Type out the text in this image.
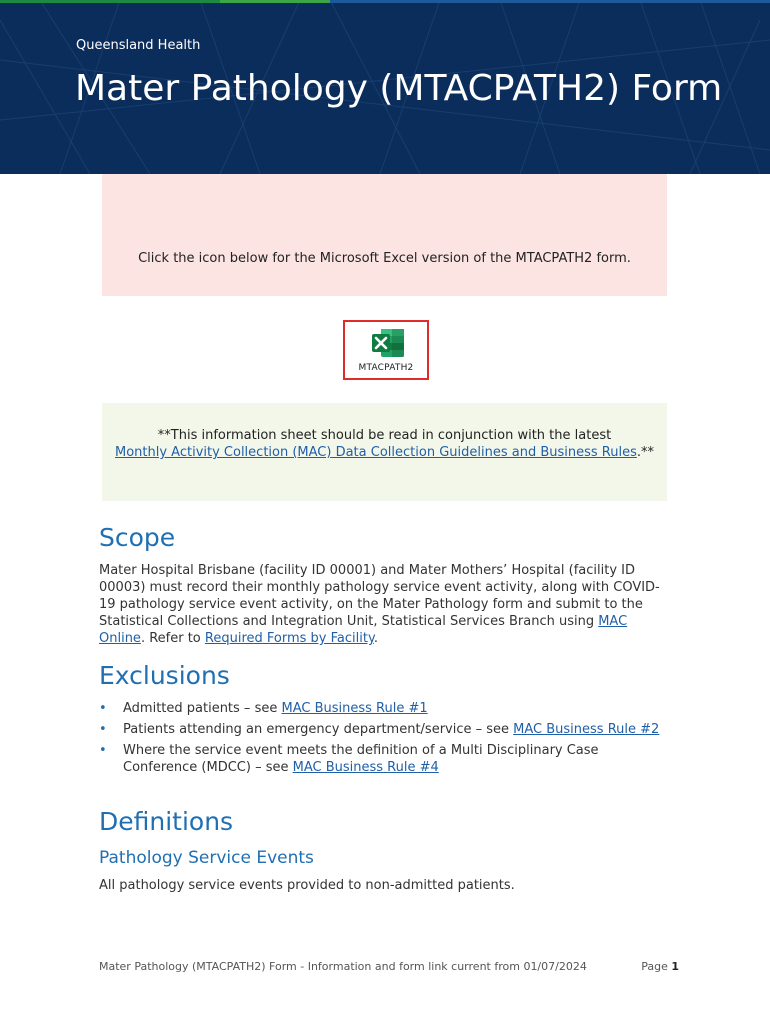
Queensland Health
Mater Pathology (MTACPATH2) Form
Click the icon below for the Microsoft Excel version of the MTACPATH2 form.
MTACPATH2
**This information sheet should be read in conjunction with the latest
Monthly Activity Collection (MAC) Data Collection Guidelines and Business Rules.**
Scope

Mater Hospital Brisbane (facility ID 00001) and Mater Mothers’ Hospital (facility ID 00003) must record their monthly pathology service event activity, along with COVID-19 pathology service event activity, on the Mater Pathology form and submit to the Statistical Collections and Integration Unit, Statistical Services Branch using MAC Online. Refer to Required Forms by Facility.

Exclusions
• Admitted patients – see MAC Business Rule #1
• Patients attending an emergency department/service – see MAC Business Rule #2
• Where the service event meets the definition of a Multi Disciplinary Case Conference (MDCC) – see MAC Business Rule #4
Definitions
Pathology Service Events

All pathology service events provided to non-admitted patients.

Mater Pathology (MTACPATH2) Form - Information and form link current from 01/07/2024	Page 1
